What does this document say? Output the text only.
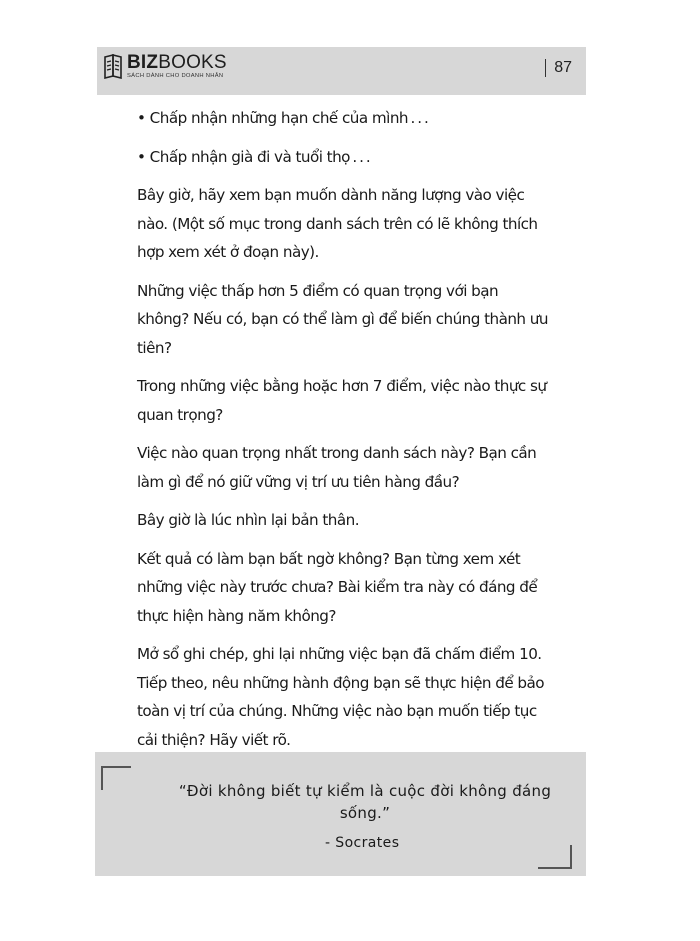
BIZBOOKS
SÁCH DÀNH CHO DOANH NHÂN	87

• Chấp nhận những hạn chế của mình . . .

• Chấp nhận già đi và tuổi thọ . . .

Bây giờ, hãy xem bạn muốn dành năng lượng vào việc nào. (Một số mục trong danh sách trên có lẽ không thích hợp xem xét ở đoạn này).

Những việc thấp hơn 5 điểm có quan trọng với bạn không? Nếu có, bạn có thể làm gì để biến chúng thành ưu tiên?

Trong những việc bằng hoặc hơn 7 điểm, việc nào thực sự quan trọng?

Việc nào quan trọng nhất trong danh sách này? Bạn cần làm gì để nó giữ vững vị trí ưu tiên hàng đầu?

Bây giờ là lúc nhìn lại bản thân.

Kết quả có làm bạn bất ngờ không? Bạn từng xem xét những việc này trước chưa? Bài kiểm tra này có đáng để thực hiện hàng năm không?

Mở sổ ghi chép, ghi lại những việc bạn đã chấm điểm 10. Tiếp theo, nêu những hành động bạn sẽ thực hiện để bảo toàn vị trí của chúng. Những việc nào bạn muốn tiếp tục cải thiện? Hãy viết rõ.

“Đời không biết tự kiểm là cuộc đời không đáng sống.”
- Socrates
